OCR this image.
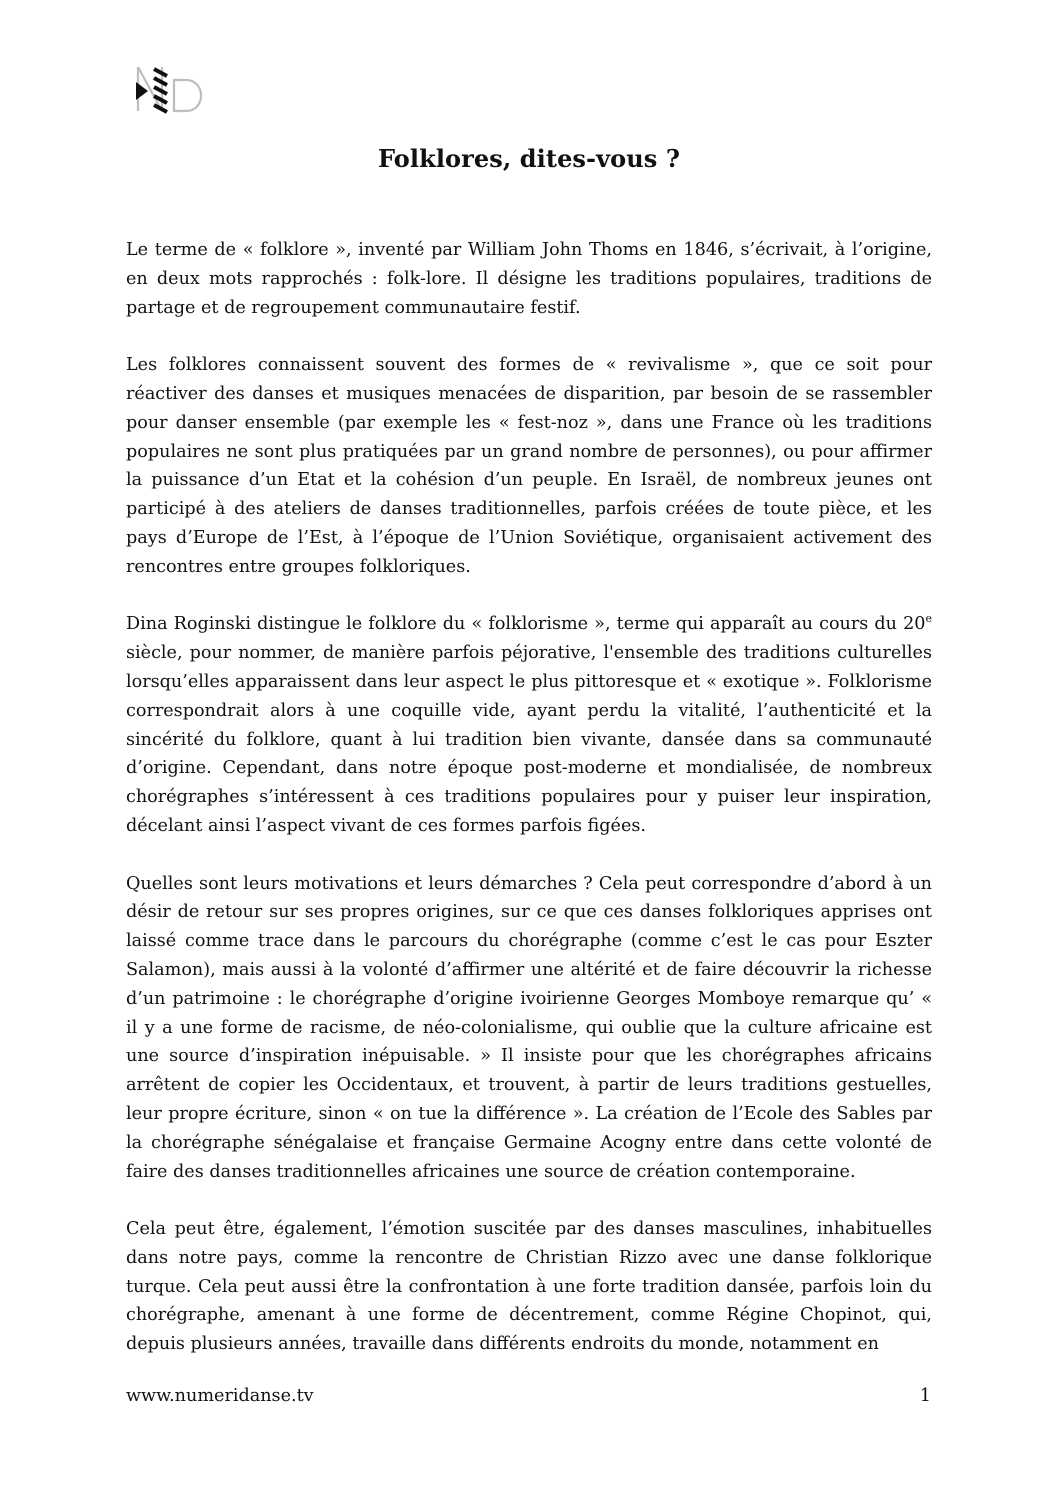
Folklores, dites-vous ?

Le terme de « folklore », inventé par William John Thoms en 1846, s’écrivait, à l’origine, en deux mots rapprochés : folk-lore. Il désigne les traditions populaires, traditions de partage et de regroupement communautaire festif.

Les folklores connaissent souvent des formes de « revivalisme », que ce soit pour réactiver des danses et musiques menacées de disparition, par besoin de se rassembler pour danser ensemble (par exemple les « fest-noz », dans une France où les traditions populaires ne sont plus pratiquées par un grand nombre de personnes), ou pour affirmer la puissance d’un Etat et la cohésion d’un peuple. En Israël, de nombreux jeunes ont participé à des ateliers de danses traditionnelles, parfois créées de toute pièce, et les pays d’Europe de l’Est, à l’époque de l’Union Soviétique, organisaient activement des rencontres entre groupes folkloriques.

Dina Roginski distingue le folklore du « folklorisme », terme qui apparaît au cours du 20e siècle, pour nommer, de manière parfois péjorative, l'ensemble des traditions culturelles lorsqu’elles apparaissent dans leur aspect le plus pittoresque et « exotique ». Folklorisme correspondrait alors à une coquille vide, ayant perdu la vitalité, l’authenticité et la sincérité du folklore, quant à lui tradition bien vivante, dansée dans sa communauté d’origine. Cependant, dans notre époque post-moderne et mondialisée, de nombreux chorégraphes s’intéressent à ces traditions populaires pour y puiser leur inspiration, décelant ainsi l’aspect vivant de ces formes parfois figées.

Quelles sont leurs motivations et leurs démarches ? Cela peut correspondre d’abord à un désir de retour sur ses propres origines, sur ce que ces danses folkloriques apprises ont laissé comme trace dans le parcours du chorégraphe (comme c’est le cas pour Eszter Salamon), mais aussi à la volonté d’affirmer une altérité et de faire découvrir la richesse d’un patrimoine : le chorégraphe d’origine ivoirienne Georges Momboye remarque qu’ « il y a une forme de racisme, de néo-colonialisme, qui oublie que la culture africaine est une source d’inspiration inépuisable. » Il insiste pour que les chorégraphes africains arrêtent de copier les Occidentaux, et trouvent, à partir de leurs traditions gestuelles, leur propre écriture, sinon « on tue la différence ». La création de l’Ecole des Sables par la chorégraphe sénégalaise et française Germaine Acogny entre dans cette volonté de faire des danses traditionnelles africaines une source de création contemporaine.

Cela peut être, également, l’émotion suscitée par des danses masculines, inhabituelles dans notre pays, comme la rencontre de Christian Rizzo avec une danse folklorique turque. Cela peut aussi être la confrontation à une forte tradition dansée, parfois loin du chorégraphe, amenant à une forme de décentrement, comme Régine Chopinot, qui, depuis plusieurs années, travaille dans différents endroits du monde, notamment en

www.numeridanse.tv	1
